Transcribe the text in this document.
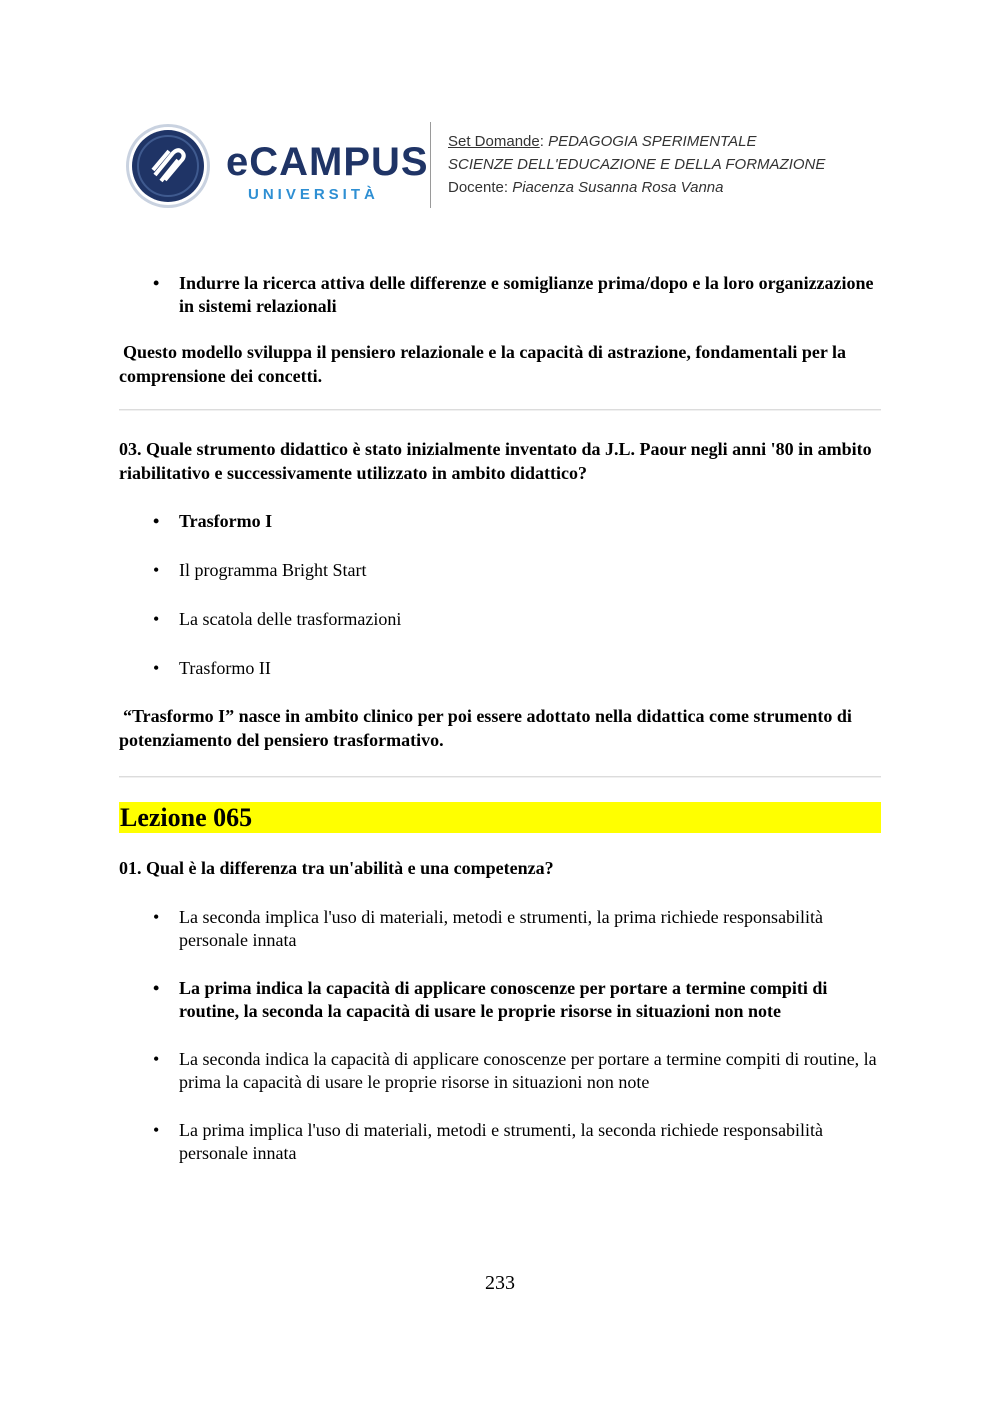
eCAMPUS
UNIVERSITÀ
Set Domande: PEDAGOGIA SPERIMENTALE
SCIENZE DELL'EDUCAZIONE E DELLA FORMAZIONE
Docente: Piacenza Susanna Rosa Vanna
• Indurre la ricerca attiva delle differenze e somiglianze prima/dopo e la loro organizzazione in sistemi relazionali

Questo modello sviluppa il pensiero relazionale e la capacità di astrazione, fondamentali per la comprensione dei concetti.

03. Quale strumento didattico è stato inizialmente inventato da J.L. Paour negli anni '80 in ambito riabilitativo e successivamente utilizzato in ambito didattico?

• Trasformo I
• Il programma Bright Start
• La scatola delle trasformazioni
• Trasformo II

“Trasformo I” nasce in ambito clinico per poi essere adottato nella didattica come strumento di potenziamento del pensiero trasformativo.

Lezione 065

01. Qual è la differenza tra un'abilità e una competenza?

• La seconda implica l'uso di materiali, metodi e strumenti, la prima richiede responsabilità personale innata
• La prima indica la capacità di applicare conoscenze per portare a termine compiti di routine, la seconda la capacità di usare le proprie risorse in situazioni non note
• La seconda indica la capacità di applicare conoscenze per portare a termine compiti di routine, la prima la capacità di usare le proprie risorse in situazioni non note
• La prima implica l'uso di materiali, metodi e strumenti, la seconda richiede responsabilità personale innata
233
